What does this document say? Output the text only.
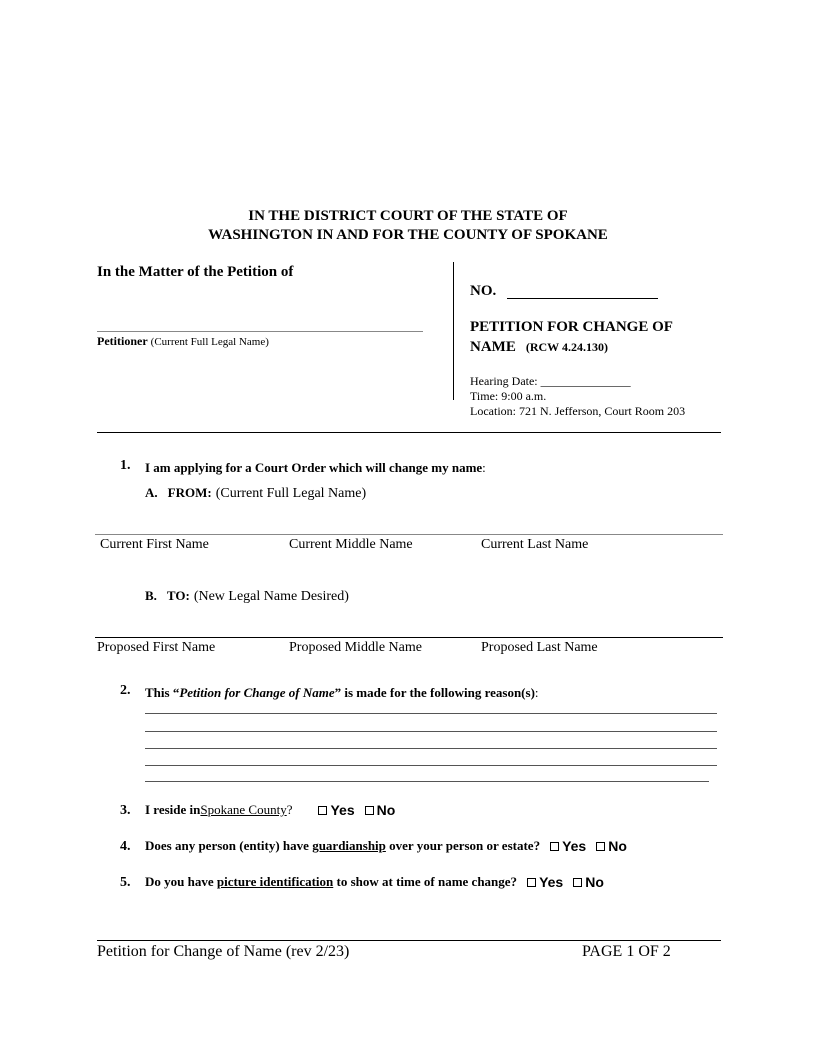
IN THE DISTRICT COURT OF THE STATE OF
WASHINGTON IN AND FOR THE COUNTY OF SPOKANE
In the Matter of the Petition of
Petitioner (Current Full Legal Name)
NO.
PETITION FOR CHANGE OF
NAME (RCW 4.24.130)
Hearing Date: _______________
Time: 9:00 a.m.
Location: 721 N. Jefferson, Court Room 203
1. I am applying for a Court Order which will change my name:
A. FROM: (Current Full Legal Name)
Current First Name	Current Middle Name	Current Last Name
B. TO: (New Legal Name Desired)
Proposed First Name	Proposed Middle Name	Proposed Last Name
2. This “Petition for Change of Name” is made for the following reason(s):
3. I reside in Spokane County ?	Yes No
4. Does any person (entity) have guardianship over your person or estate? Yes No
5. Do you have picture identification to show at time of name change? Yes No
Petition for Change of Name (rev 2/23)	PAGE 1 OF 2
